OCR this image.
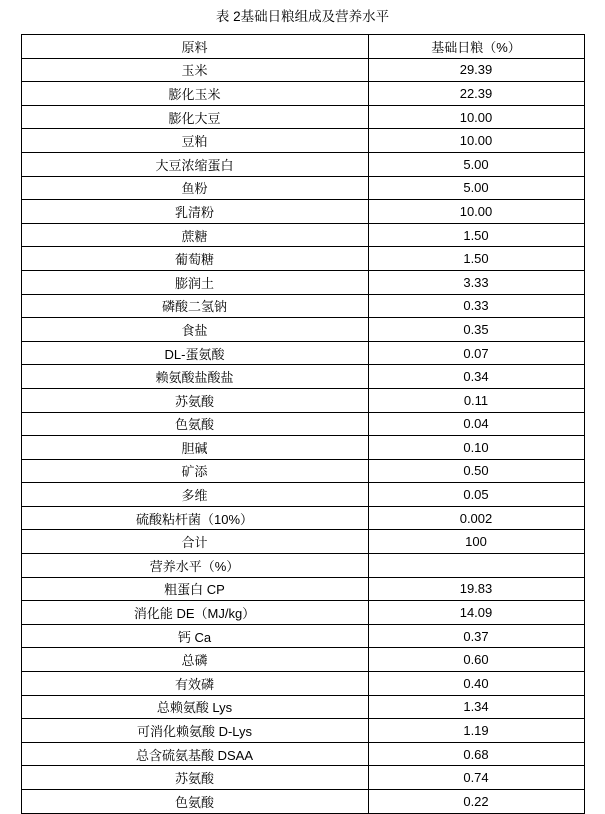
表 2基础日粮组成及营养水平
原料	基础日粮（%）
玉米	29.39
膨化玉米	22.39
膨化大豆	10.00
豆粕	10.00
大豆浓缩蛋白	5.00
鱼粉	5.00
乳清粉	10.00
蔗糖	1.50
葡萄糖	1.50
膨润土	3.33
磷酸二氢钠	0.33
食盐	0.35
DL-蛋氨酸	0.07
赖氨酸盐酸盐	0.34
苏氨酸	0.11
色氨酸	0.04
胆碱	0.10
矿添	0.50
多维	0.05
硫酸粘杆菌（10%）	0.002
合计	100
营养水平（%）	
粗蛋白 CP	19.83
消化能 DE（MJ/kg）	14.09
钙 Ca	0.37
总磷	0.60
有效磷	0.40
总赖氨酸 Lys	1.34
可消化赖氨酸 D-Lys	1.19
总含硫氨基酸 DSAA	0.68
苏氨酸	0.74
色氨酸	0.22
